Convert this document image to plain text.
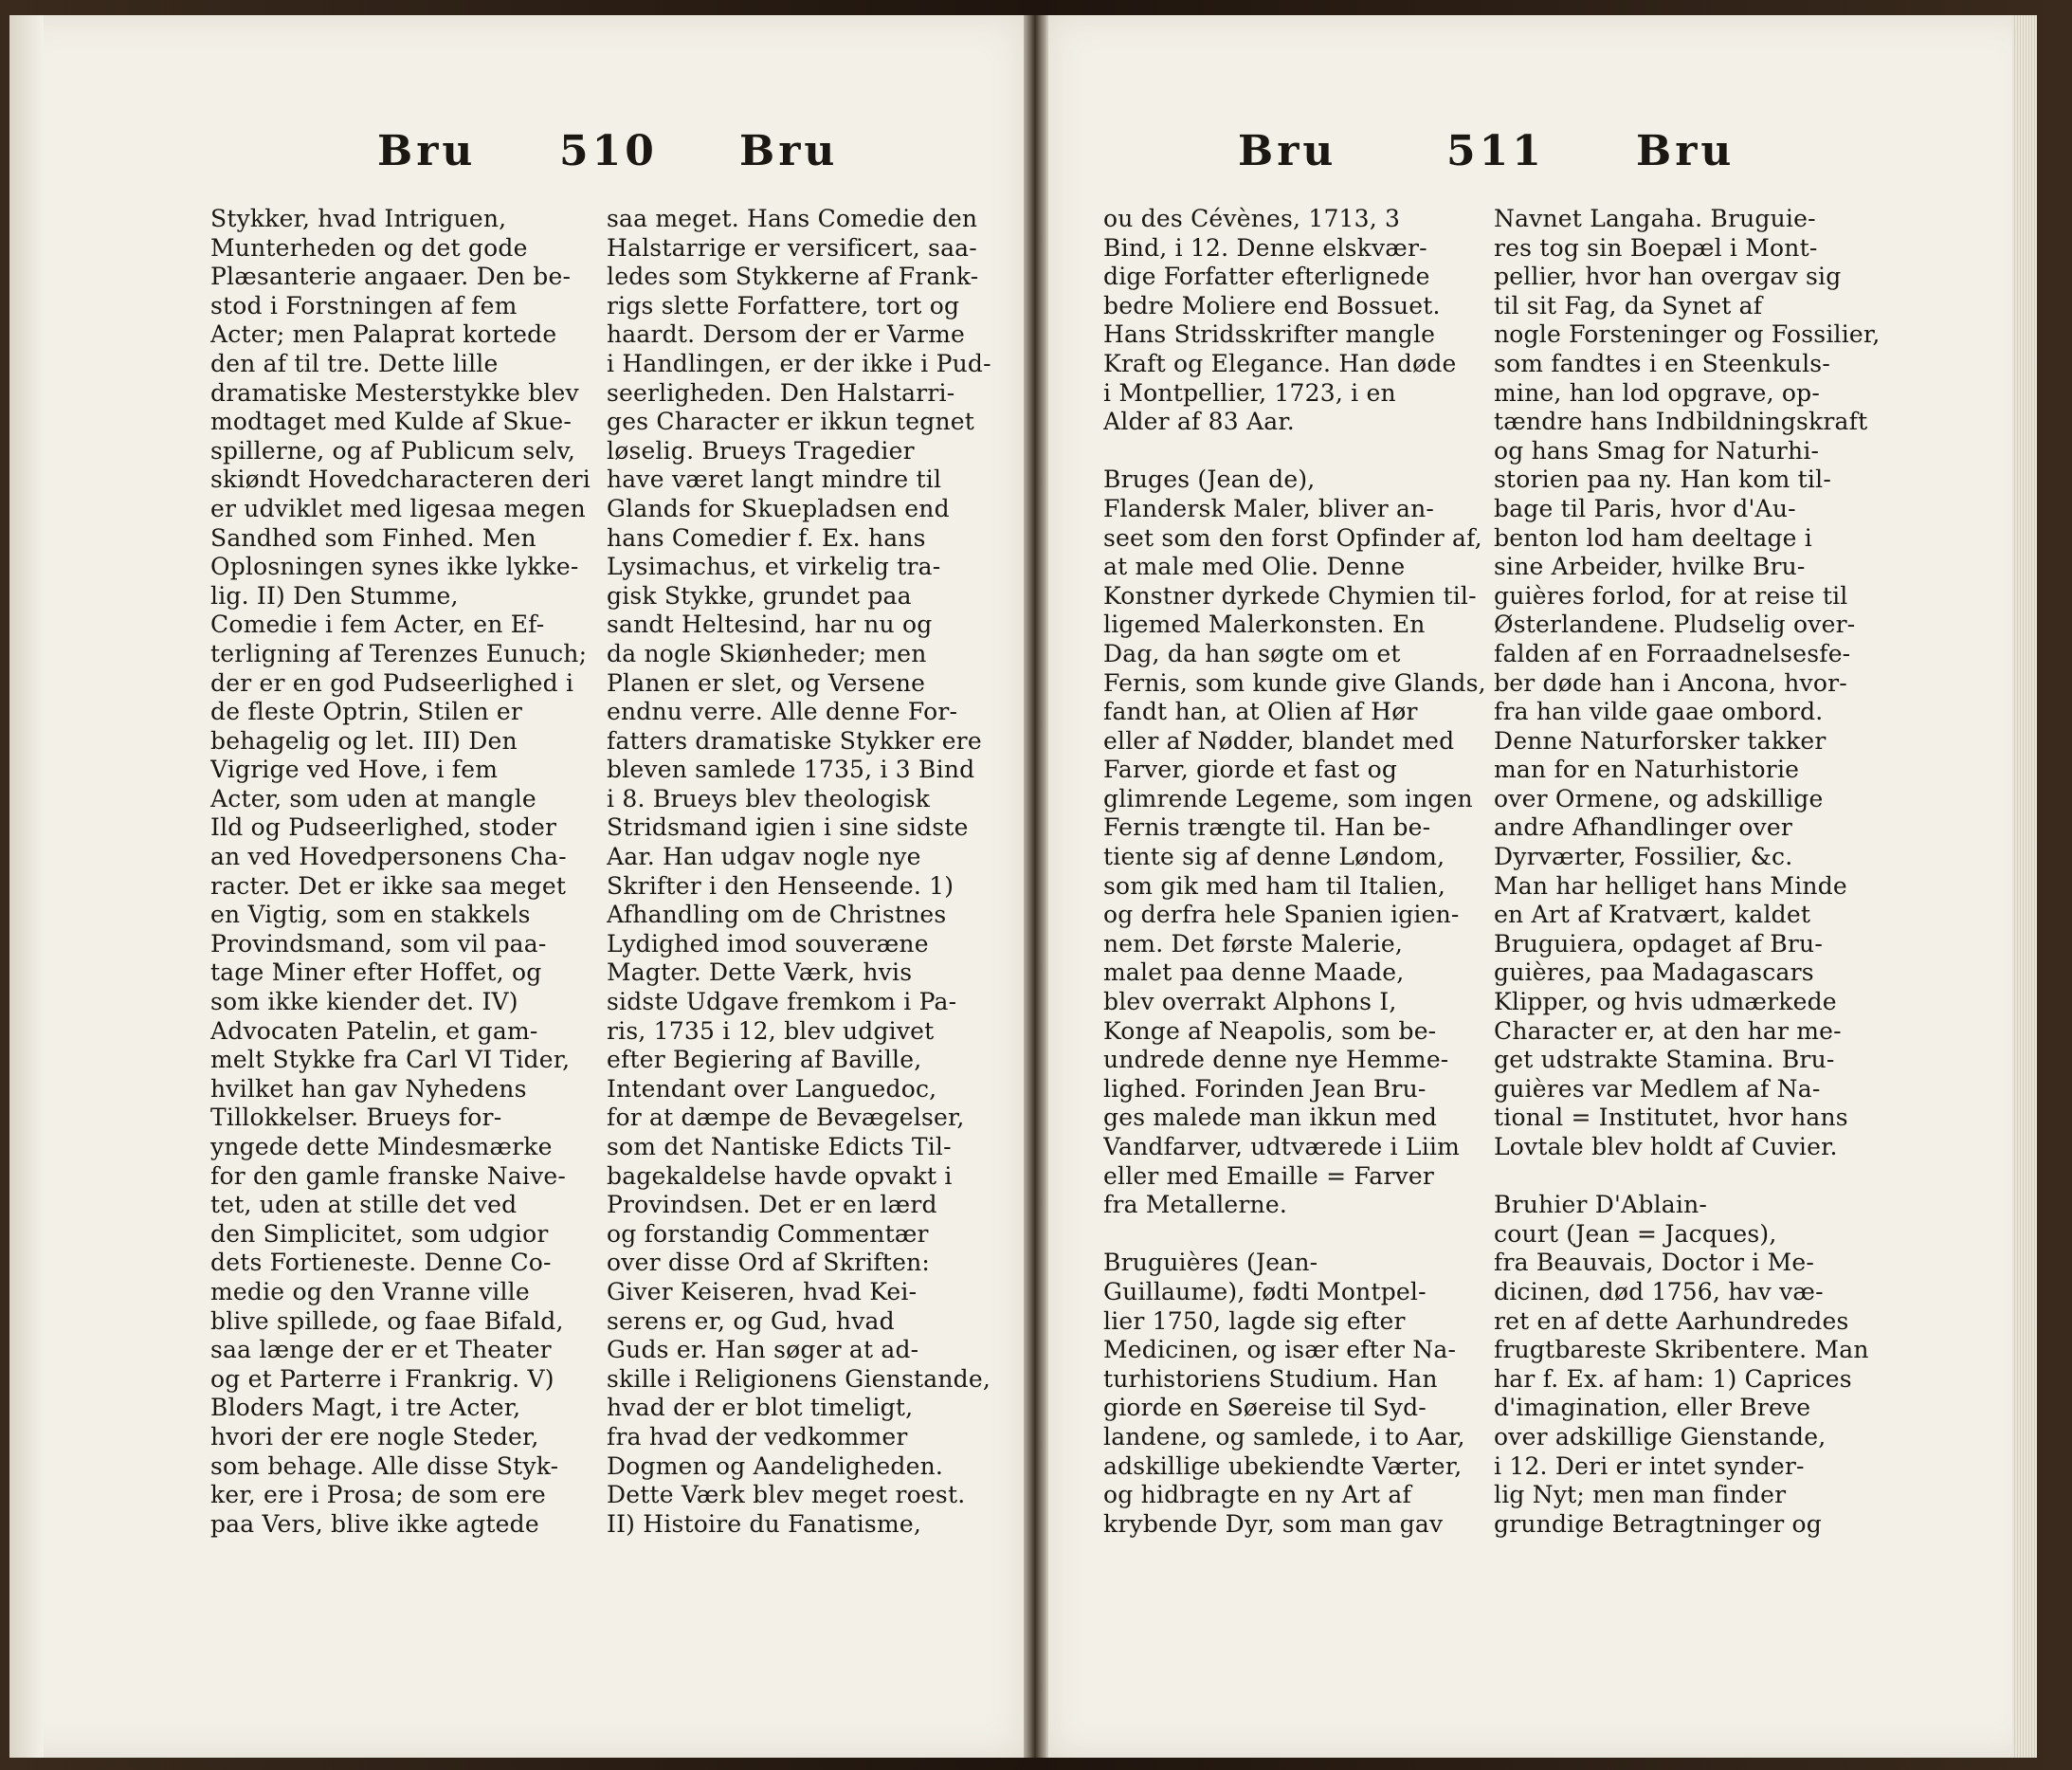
Bru 510 Bru
Stykker, hvad Intriguen,
Munterheden og det gode
Plæsanterie angaaer. Den be-
stod i Forstningen af fem
Acter; men Palaprat kortede
den af til tre. Dette lille
dramatiske Mesterstykke blev
modtaget med Kulde af Skue-
spillerne, og af Publicum selv,
skiøndt Hovedcharacteren deri
er udviklet med ligesaa megen
Sandhed som Finhed. Men
Oplosningen synes ikke lykke-
lig. II) Den Stumme,
Comedie i fem Acter, en Ef-
terligning af Terenzes Eunuch;
der er en god Pudseerlighed i
de fleste Optrin, Stilen er
behagelig og let. III) Den
Vigrige ved Hove, i fem
Acter, som uden at mangle
Ild og Pudseerlighed, stoder
an ved Hovedpersonens Cha-
racter. Det er ikke saa meget
en Vigtig, som en stakkels
Provindsmand, som vil paa-
tage Miner efter Hoffet, og
som ikke kiender det. IV)
Advocaten Patelin, et gam-
melt Stykke fra Carl VI Tider,
hvilket han gav Nyhedens
Tillokkelser. Brueys for-
yngede dette Mindesmærke
for den gamle franske Naive-
tet, uden at stille det ved
den Simplicitet, som udgior
dets Fortieneste. Denne Co-
medie og den Vranne ville
blive spillede, og faae Bifald,
saa længe der er et Theater
og et Parterre i Frankrig. V)
Bloders Magt, i tre Acter,
hvori der ere nogle Steder,
som behage. Alle disse Styk-
ker, ere i Prosa; de som ere
paa Vers, blive ikke agtede
saa meget. Hans Comedie den
Halstarrige er versificert, saa-
ledes som Stykkerne af Frank-
rigs slette Forfattere, tort og
haardt. Dersom der er Varme
i Handlingen, er der ikke i Pud-
seerligheden. Den Halstarri-
ges Character er ikkun tegnet
løselig. Brueys Tragedier
have været langt mindre til
Glands for Skuepladsen end
hans Comedier f. Ex. hans
Lysimachus, et virkelig tra-
gisk Stykke, grundet paa
sandt Heltesind, har nu og
da nogle Skiønheder; men
Planen er slet, og Versene
endnu verre. Alle denne For-
fatters dramatiske Stykker ere
bleven samlede 1735, i 3 Bind
i 8. Brueys blev theologisk
Stridsmand igien i sine sidste
Aar. Han udgav nogle nye
Skrifter i den Henseende. 1)
Afhandling om de Christnes
Lydighed imod souveræne
Magter. Dette Værk, hvis
sidste Udgave fremkom i Pa-
ris, 1735 i 12, blev udgivet
efter Begiering af Baville,
Intendant over Languedoc,
for at dæmpe de Bevægelser,
som det Nantiske Edicts Til-
bagekaldelse havde opvakt i
Provindsen. Det er en lærd
og forstandig Commentær
over disse Ord af Skriften:
Giver Keiseren, hvad Kei-
serens er, og Gud, hvad
Guds er. Han søger at ad-
skille i Religionens Gienstande,
hvad der er blot timeligt,
fra hvad der vedkommer
Dogmen og Aandeligheden.
Dette Værk blev meget roest.
II) Histoire du Fanatisme,
Bru	511 Bru
ou des Cévènes, 1713, 3
Bind, i 12. Denne elskvær-
dige Forfatter efterlignede
bedre Moliere end Bossuet.
Hans Stridsskrifter mangle
Kraft og Elegance. Han døde
i Montpellier, 1723, i en
Alder af 83 Aar.
Bruges (Jean de),
Flandersk Maler, bliver an-
seet som den forst Opfinder af,
at male med Olie. Denne
Konstner dyrkede Chymien til-
ligemed Malerkonsten. En
Dag, da han søgte om et
Fernis, som kunde give Glands,
fandt han, at Olien af Hør
eller af Nødder, blandet med
Farver, giorde et fast og
glimrende Legeme, som ingen
Fernis trængte til. Han be-
tiente sig af denne Løndom,
som gik med ham til Italien,
og derfra hele Spanien igien-
nem. Det første Malerie,
malet paa denne Maade,
blev overrakt Alphons I,
Konge af Neapolis, som be-
undrede denne nye Hemme-
lighed. Forinden Jean Bru-
ges malede man ikkun med
Vandfarver, udtværede i Liim
eller med Emaille = Farver
fra Metallerne.
Bruguières (Jean-
Guillaume), fødti Montpel-
lier 1750, lagde sig efter
Medicinen, og især efter Na-
turhistoriens Studium. Han
giorde en Søereise til Syd-
landene, og samlede, i to Aar,
adskillige ubekiendte Værter,
og hidbragte en ny Art af
krybende Dyr, som man gav
Navnet Langaha. Bruguie-
res tog sin Boepæl i Mont-
pellier, hvor han overgav sig
til sit Fag, da Synet af
nogle Forsteninger og Fossilier,
som fandtes i en Steenkuls-
mine, han lod opgrave, op-
tændre hans Indbildningskraft
og hans Smag for Naturhi-
storien paa ny. Han kom til-
bage til Paris, hvor d'Au-
benton lod ham deeltage i
sine Arbeider, hvilke Bru-
guières forlod, for at reise til
Østerlandene. Pludselig over-
falden af en Forraadnelsesfe-
ber døde han i Ancona, hvor-
fra han vilde gaae ombord.
Denne Naturforsker takker
man for en Naturhistorie
over Ormene, og adskillige
andre Afhandlinger over
Dyrværter, Fossilier, &c.
Man har helliget hans Minde
en Art af Kratvært, kaldet
Bruguiera, opdaget af Bru-
guières, paa Madagascars
Klipper, og hvis udmærkede
Character er, at den har me-
get udstrakte Stamina. Bru-
guières var Medlem af Na-
tional = Institutet, hvor hans
Lovtale blev holdt af Cuvier.
Bruhier D'Ablain-
court (Jean = Jacques),
fra Beauvais, Doctor i Me-
dicinen, død 1756, hav væ-
ret en af dette Aarhundredes
frugtbareste Skribentere. Man
har f. Ex. af ham: 1) Caprices
d'imagination, eller Breve
over adskillige Gienstande,
i 12. Deri er intet synder-
lig Nyt; men man finder
grundige Betragtninger og
